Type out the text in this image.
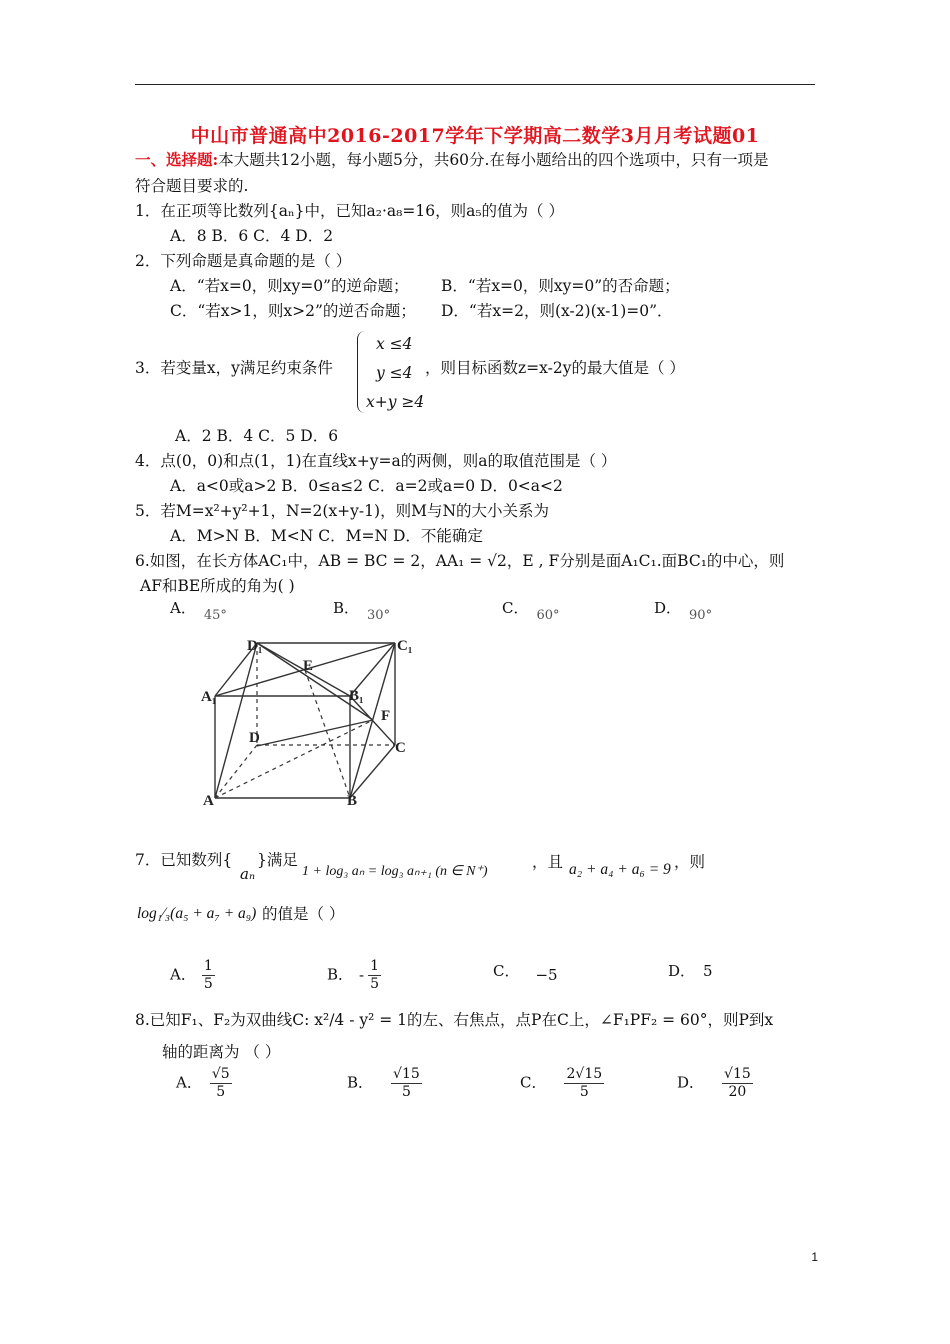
中山市普通高中2016-2017学年下学期高二数学3月月考试题01
一、选择题:本大题共12小题，每小题5分，共60分.在每小题给出的四个选项中，只有一项是
符合题目要求的.
1．在正项等比数列{aₙ}中，已知a₂·a₈=16，则a₅的值为（ ）
A．8 B．6 C．4 D．2
2．下列命题是真命题的是（ ）
A．“若x=0，则xy=0”的逆命题； B．“若x=0，则xy=0”的否命题；
C．“若x>1，则x>2”的逆否命题； D．“若x=2，则(x-2)(x-1)=0”．
3．若变量x，y满足约束条件
x ≤4
y ≤4
x+y ≥4
，则目标函数z=x-2y的最大值是（ ）
A．2 B．4 C．5 D．6
4．点(0，0)和点(1，1)在直线x+y=a的两侧，则a的取值范围是（ ）
A．a<0或a>2 B．0≤a≤2 C．a=2或a=0 D．0<a<2
5．若M=x²+y²+1，N=2(x+y-1)，则M与N的大小关系为
A．M>N B．M<N C．M=N D．不能确定
6.如图，在长方体AC₁中，AB = BC = 2，AA₁ = √2，E , F分别是面A₁C₁.面BC₁的中心，则
AF和BE所成的角为( )
A． 45°	B． 30°	C． 60°	D． 90°
D₁	C₁
A₁	B₁
E
F
D
C
A	B
7．已知数列{
aₙ
}满足
1 + log₃ aₙ = log₃ aₙ₊₁ (n ∈ N⁺)
，且 a₂ + a₄ + a₆ = 9 ，则
log₁⁄₃(a₅ + a₇ + a₉) 的值是（ ）
A． $\frac{1}{5}$	B． - $\frac{1}{5}$	C． −5	D． 5
8.已知F₁、F₂为双曲线C: x²/4 - y² = 1的左、右焦点，点P在C上，∠F₁PF₂ = 60°，则P到x
轴的距离为 （ ）
A． $\frac{√5}{5}$	B． $\frac{√15}{5}$	C． $\frac{2√15}{5}$	D． $\frac{√15}{20}$
1
